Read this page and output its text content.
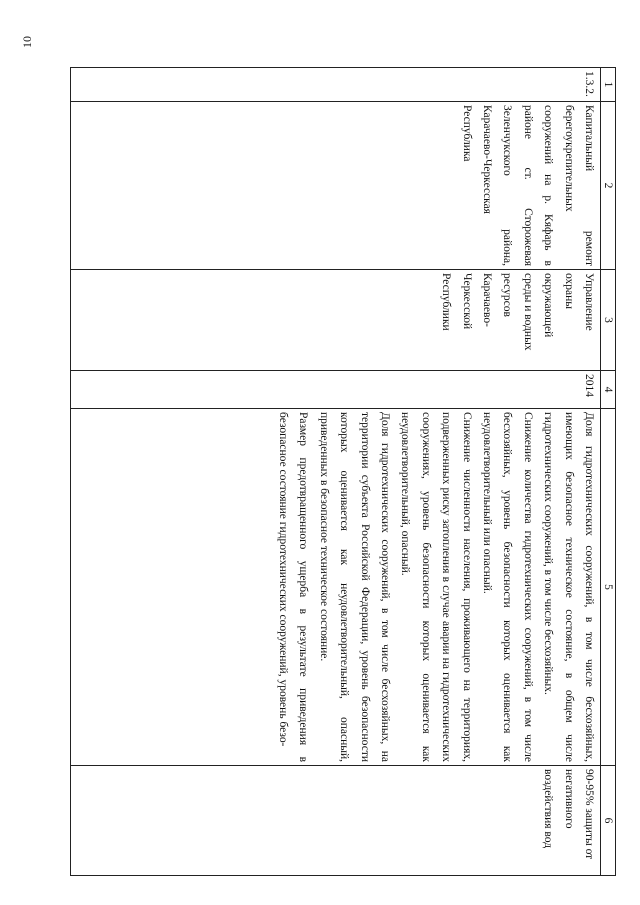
10
1	2	3	4	5	6
1.3.2.	Капитальный ремонт берегоукрепительных сооружений на р. Кяфарь в районе ст. Сторожевая Зеленчукского района, Карачаево-Черкесская Республика	Управление охраны окружающей среды и водных ресурсов Карачаево-Черкесской Республики	2014	Доля гидротехнических сооружений, в том числе бесхозяйных, имеющих безопасное техническое состояние, в общем числе гидротехнических сооружений, в том числе бесхозяйных.
Снижение количества гидротехнических сооружений, в том числе бесхозяйных, уровень безопасности которых оценивается как неудовлетворительный или опасный.
Снижение численности населения, проживающего на территориях, подверженных риску затопления в случае аварии на гидротехнических сооружениях, уровень безопасности которых оценивается как неудовлетворительный, опасный.
Доля гидротехнических сооружений, в том числе бесхозяйных, на территории субъекта Российской Федерации, уровень безопасности которых оценивается как неудовлетворительный, опасный, приведенных в безопасное техническое состояние.
Размер предотвращенного ущерба в результате приведения в безопасное состояние гидротехнических сооружений, уровень безо-	90-95% защиты от негативного воздействия вод
